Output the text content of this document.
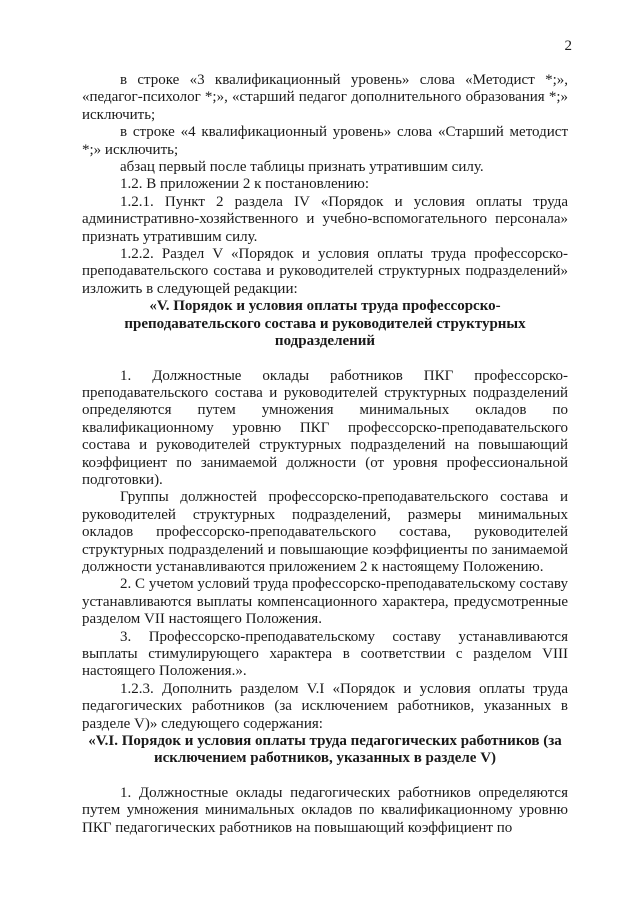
2

в строке «3 квалификационный уровень» слова «Методист *;», «педагог-психолог *;», «старший педагог дополнительного образования *;» исключить;

в строке «4 квалификационный уровень» слова «Старший методист *;» исключить;

абзац первый после таблицы признать утратившим силу.

1.2. В приложении 2 к постановлению:

1.2.1. Пункт 2 раздела IV «Порядок и условия оплаты труда административно-хозяйственного и учебно-вспомогательного персонала» признать утратившим силу.

1.2.2. Раздел V «Порядок и условия оплаты труда профессорско-преподавательского состава и руководителей структурных подразделений» изложить в следующей редакции:

«V. Порядок и условия оплаты труда профессорско-преподавательского состава и руководителей структурных подразделений

1. Должностные оклады работников ПКГ профессорско-преподавательского состава и руководителей структурных подразделений определяются путем умножения минимальных окладов по квалификационному уровню ПКГ профессорско-преподавательского состава и руководителей структурных подразделений на повышающий коэффициент по занимаемой должности (от уровня профессиональной подготовки).

Группы должностей профессорско-преподавательского состава и руководителей структурных подразделений, размеры минимальных окладов профессорско-преподавательского состава, руководителей структурных подразделений и повышающие коэффициенты по занимаемой должности устанавливаются приложением 2 к настоящему Положению.

2. С учетом условий труда профессорско-преподавательскому составу устанавливаются выплаты компенсационного характера, предусмотренные разделом VII настоящего Положения.

3. Профессорско-преподавательскому составу устанавливаются выплаты стимулирующего характера в соответствии с разделом VIII настоящего Положения.».

1.2.3. Дополнить разделом V.I «Порядок и условия оплаты труда педагогических работников (за исключением работников, указанных в разделе V)» следующего содержания:

«V.I. Порядок и условия оплаты труда педагогических работников (за исключением работников, указанных в разделе V)

1. Должностные оклады педагогических работников определяются путем умножения минимальных окладов по квалификационному уровню ПКГ педагогических работников на повышающий коэффициент по
